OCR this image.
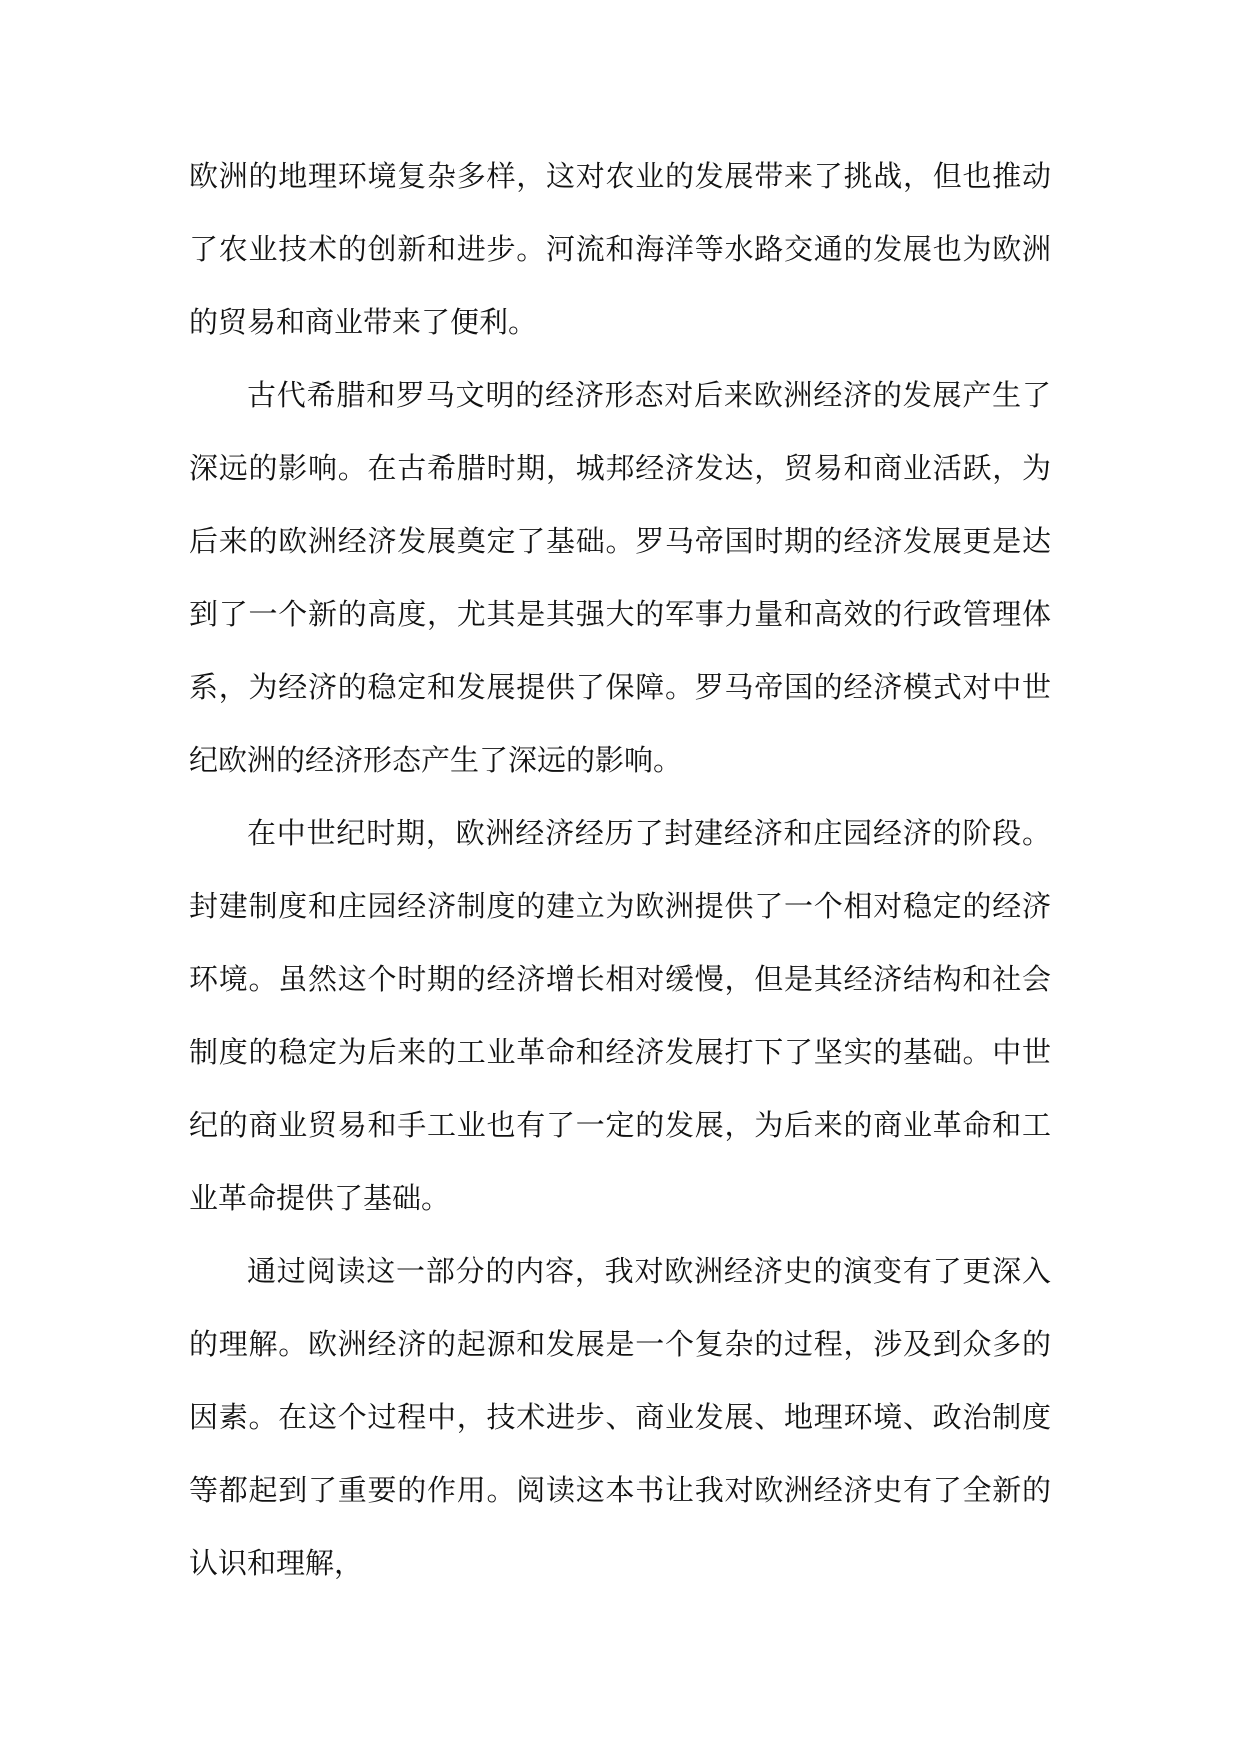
欧洲的地理环境复杂多样，这对农业的发展带来了挑战，但也推动了农业技术的创新和进步。河流和海洋等水路交通的发展也为欧洲的贸易和商业带来了便利。

古代希腊和罗马文明的经济形态对后来欧洲经济的发展产生了深远的影响。在古希腊时期，城邦经济发达，贸易和商业活跃，为后来的欧洲经济发展奠定了基础。罗马帝国时期的经济发展更是达到了一个新的高度，尤其是其强大的军事力量和高效的行政管理体系，为经济的稳定和发展提供了保障。罗马帝国的经济模式对中世纪欧洲的经济形态产生了深远的影响。

在中世纪时期，欧洲经济经历了封建经济和庄园经济的阶段。封建制度和庄园经济制度的建立为欧洲提供了一个相对稳定的经济环境。虽然这个时期的经济增长相对缓慢，但是其经济结构和社会制度的稳定为后来的工业革命和经济发展打下了坚实的基础。中世纪的商业贸易和手工业也有了一定的发展，为后来的商业革命和工业革命提供了基础。

通过阅读这一部分的内容，我对欧洲经济史的演变有了更深入的理解。欧洲经济的起源和发展是一个复杂的过程，涉及到众多的因素。在这个过程中，技术进步、商业发展、地理环境、政治制度等都起到了重要的作用。阅读这本书让我对欧洲经济史有了全新的认识和理解，
